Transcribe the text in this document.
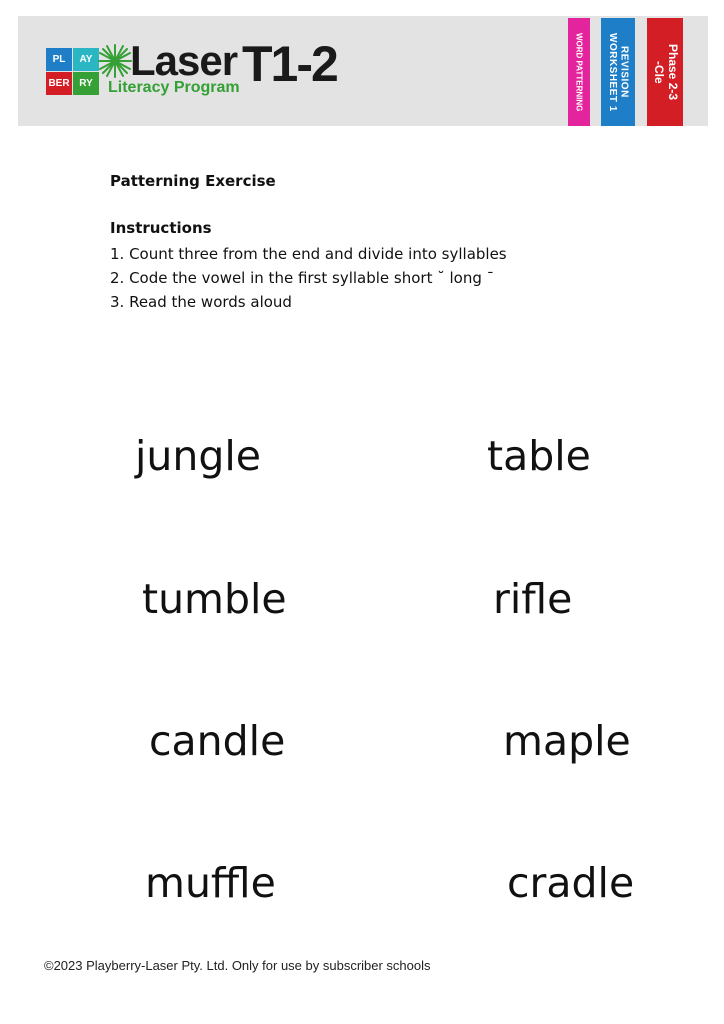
PL	AY
BER RY Laser T1-2
Literacy Program	WORD PATTERNING	REVISION
WORKSHEET 1
Phase 2-3
-Cle
Patterning Exercise
Instructions
1. Count three from the end and divide into syllables
2. Code the vowel in the first syllable short ˘ long ¯
3. Read the words aloud
jungle	table
tumble	rifle
candle	maple
muffle	cradle
©2023 Playberry-Laser Pty. Ltd. Only for use by subscriber schools
